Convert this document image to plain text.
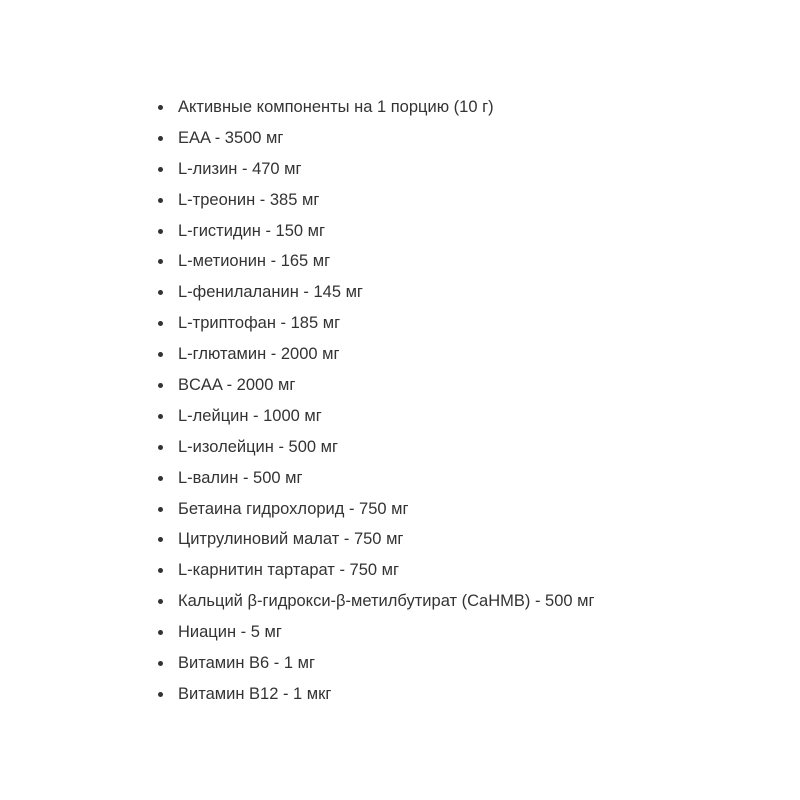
Активные компоненты на 1 порцию (10 г)
EAA - 3500 мг
L-лизин - 470 мг
L-треонин - 385 мг
L-гистидин - 150 мг
L-метионин - 165 мг
L-фенилаланин - 145 мг
L-триптофан - 185 мг
L-глютамин - 2000 мг
BCAA - 2000 мг
L-лейцин - 1000 мг
L-изолейцин - 500 мг
L-валин - 500 мг
Бетаина гидрохлорид - 750 мг
Цитрулиновий малат - 750 мг
L-карнитин тартарат - 750 мг
Кальций β-гидрокси-β-метилбутират (CaHMB) - 500 мг
Ниацин - 5 мг
Витамин B6 - 1 мг
Витамин B12 - 1 мкг
